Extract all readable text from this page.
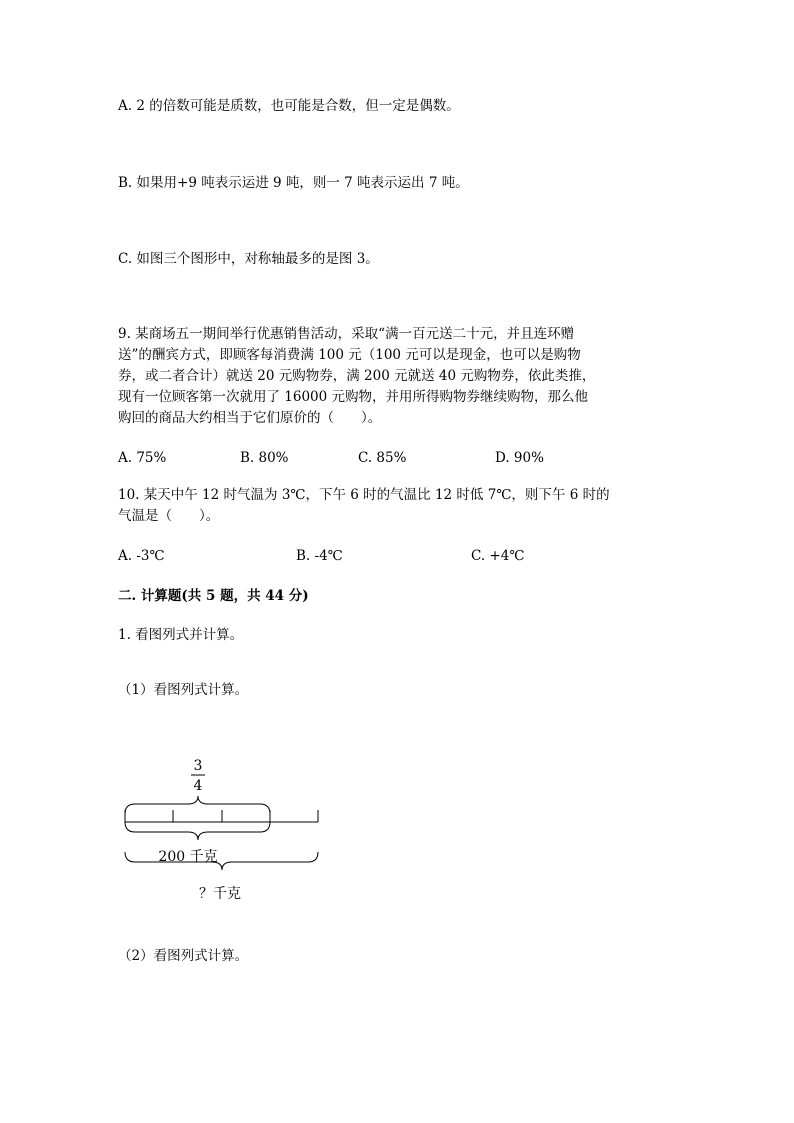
A. 2 的倍数可能是质数，也可能是合数，但一定是偶数。
B. 如果用+9 吨表示运进 9 吨，则一 7 吨表示运出 7 吨。
C. 如图三个图形中，对称轴最多的是图 3。
9. 某商场五一期间举行优惠销售活动，采取“满一百元送二十元，并且连环赠
送”的酬宾方式，即顾客每消费满 100 元（100 元可以是现金，也可以是购物
券，或二者合计）就送 20 元购物券，满 200 元就送 40 元购物券，依此类推，
现有一位顾客第一次就用了 16000 元购物，并用所得购物券继续购物，那么他
购回的商品大约相当于它们原价的（　　）。
A. 75%	B. 80%	C. 85%	D. 90%
10. 某天中午 12 时气温为 3℃，下午 6 时的气温比 12 时低 7℃，则下午 6 时的
气温是（　　）。
A. -3℃	B. -4℃	C. +4℃
二. 计算题(共 5 题，共 44 分)
1. 看图列式并计算。
（1）看图列式计算。
3
4
200 千克
？千克
（2）看图列式计算。
